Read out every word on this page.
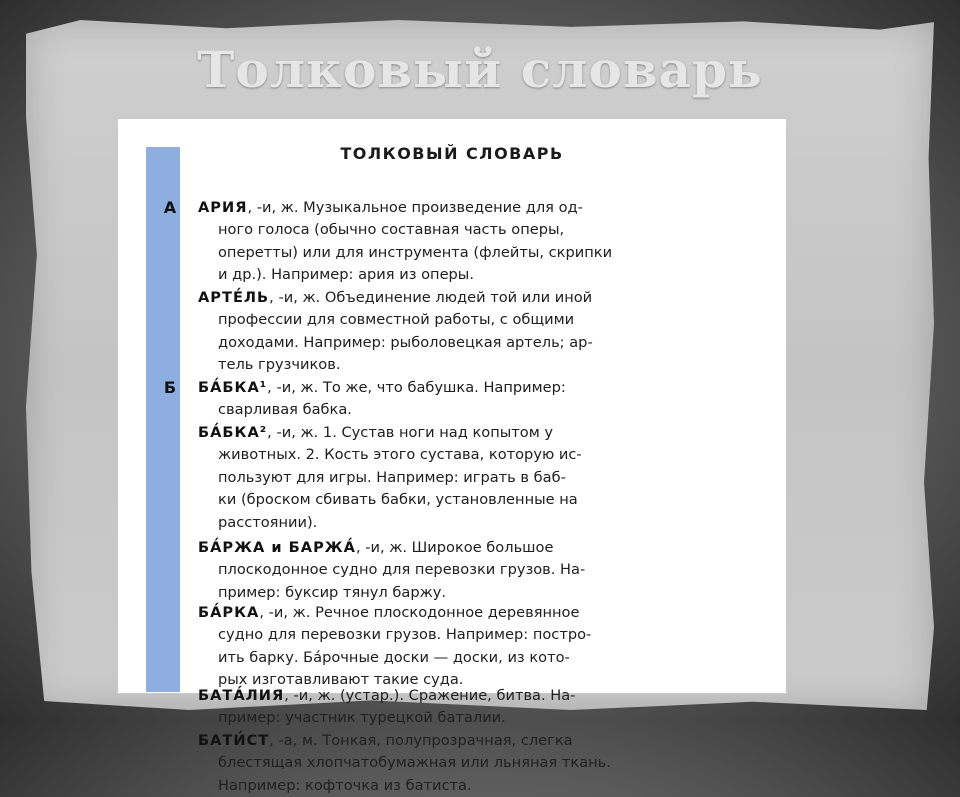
Толковый словарь
ТОЛКОВЫЙ СЛОВАРЬ
А	АРИЯ, -и, ж. Музыкальное произведение для од-
ного голоса (обычно составная часть оперы,
оперетты) или для инструмента (флейты, скрипки
и др.). Например: ария из оперы.
АРТЕ́ЛЬ, -и, ж. Объединение людей той или иной
профессии для совместной работы, с общими
доходами. Например: рыболовецкая артель; ар-
тель грузчиков.
Б	БА́БКА¹, -и, ж. То же, что бабушка. Например:
сварливая бабка.
БА́БКА², -и, ж. 1. Сустав ноги над копытом у
животных. 2. Кость этого сустава, которую ис-
пользуют для игры. Например: играть в баб-
ки (броском сбивать бабки, установленные на
расстоянии).
БА́РЖА и БАРЖА́, -и, ж. Широкое большое
плоскодонное судно для перевозки грузов. На-
пример: буксир тянул баржу.
БА́РКА, -и, ж. Речное плоскодонное деревянное
судно для перевозки грузов. Например: постро-
ить барку. Ба́рочные доски — доски, из кото-
рых изготавливают такие суда.
БАТА́ЛИЯ, -и, ж. (устар.). Сражение, битва. На-
пример: участник турецкой баталии.
БАТИ́СТ, -а, м. Тонкая, полупрозрачная, слегка
блестящая хлопчатобумажная или льняная ткань.
Например: кофточка из батиста.
